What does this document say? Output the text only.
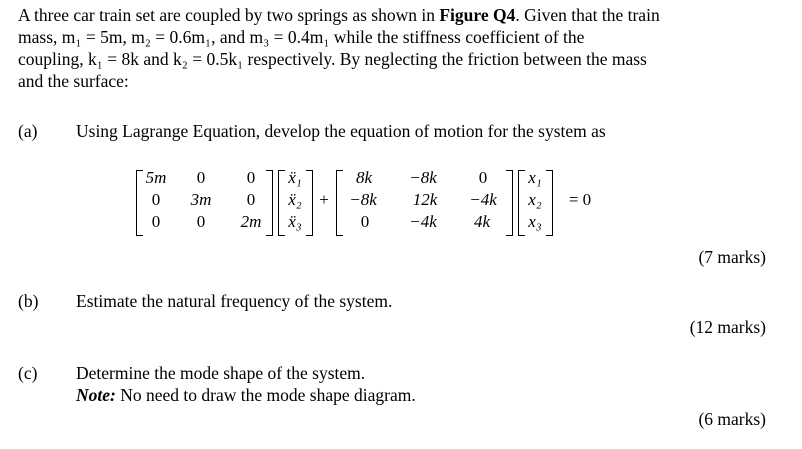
A three car train set are coupled by two springs as shown in Figure Q4. Given that the train

mass, m₁ = 5m, m₂ = 0.6m₁, and m₃ = 0.4m₁ while the stiffness coefficient of the

coupling, k₁ = 8k and k₂ = 0.5k₁ respectively. By neglecting the friction between the mass

and the surface:

(a) Using Lagrange Equation, develop the equation of motion for the system as
5m	0	0
0	3m	0
0	0	2m
ẍ₁
ẍ₂
ẍ₃
+
8k	−8k	0
−8k	12k	−4k
0	−4k	4k
x₁
x₂
x₃
= 0
(7 marks)
(b) Estimate the natural frequency of the system.
(12 marks)
(c) Determine the mode shape of the system.
Note: No need to draw the mode shape diagram.
(6 marks)
